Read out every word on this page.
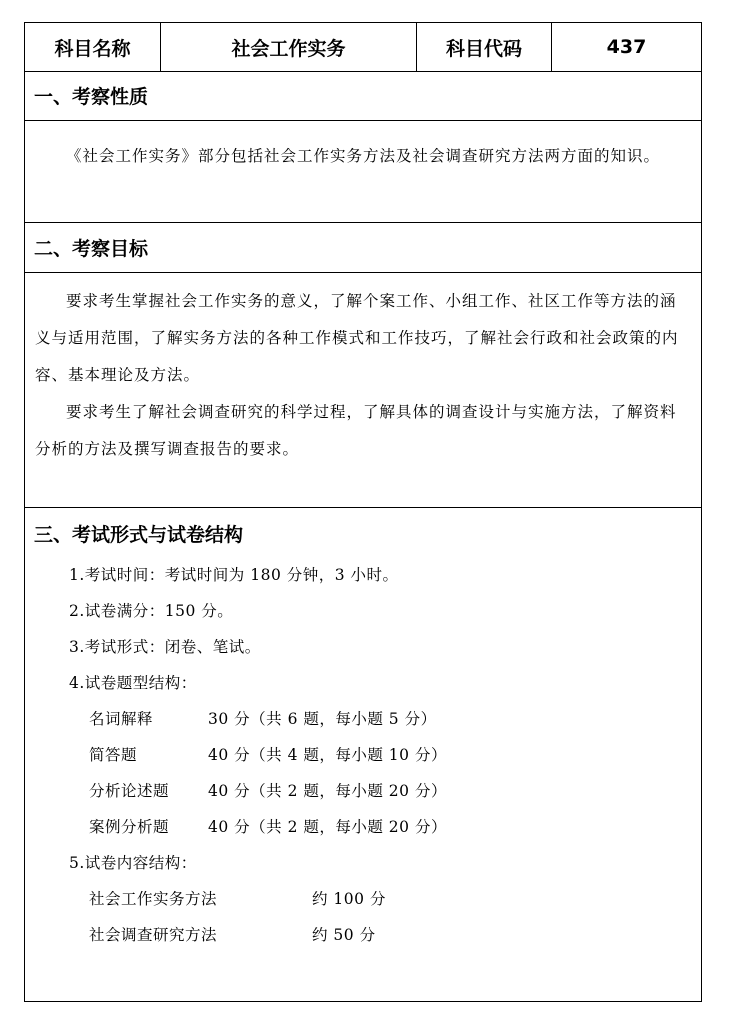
科目名称	社会工作实务	科目代码	437
一、考察性质
《社会工作实务》部分包括社会工作实务方法及社会调查研究方法两方面的知识。
二、考察目标
要求考生掌握社会工作实务的意义，了解个案工作、小组工作、社区工作等方法的涵义与适用范围，了解实务方法的各种工作模式和工作技巧，了解社会行政和社会政策的内容、基本理论及方法。
要求考生了解社会调查研究的科学过程，了解具体的调查设计与实施方法，了解资料分析的方法及撰写调查报告的要求。
三、考试形式与试卷结构
1.考试时间：考试时间为 180 分钟，3 小时。
2.试卷满分：150 分。
3.考试形式：闭卷、笔试。
4.试卷题型结构：
名词解释	30 分（共 6 题，每小题 5 分）
简答题	40 分（共 4 题，每小题 10 分）
分析论述题	40 分（共 2 题，每小题 20 分）
案例分析题	40 分（共 2 题，每小题 20 分）
5.试卷内容结构：
社会工作实务方法	约 100 分
社会调查研究方法	约 50 分
